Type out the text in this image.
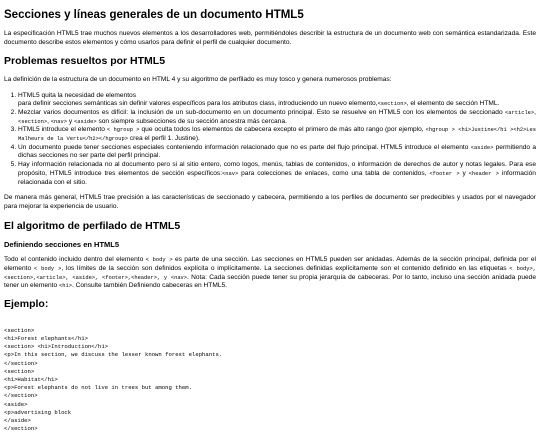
Secciones y líneas generales de un documento HTML5

La especificación HTML5 trae muchos nuevos elementos a los desarrolladores web, permitiéndoles describir la estructura de un documento web con semántica estandarizada. Este documento describe estos elementos y cómo usarlos para definir el perfil de cualquier documento.

Problemas resueltos por HTML5

La definición de la estructura de un documento en HTML 4 y su algoritmo de perfilado es muy tosco y genera numerosos problemas:

1. HTML5 quita la necesidad de elementos
para definir secciones semánticas sin definir valores específicos para los atributos class, introduciendo un nuevo elemento,<section>, el elemento de sección HTML.
2. Mezclar varios documentos es difícil: la inclusión de un sub-documento en un documento principal. Esto se resuelve en HTML5 con los elementos de seccionado <article>, <section>, <nav> y <aside> son siempre subsecciones de su sección ancestra más cercana.
3. HTML5 introduce el elemento < hgroup > que oculta todos los elementos de cabecera excepto el primero de más alto rango (por ejemplo, <hgroup > <h1>Justine</h1 ><h2>Les Malheurs de la Vertu</h2></hgroup> crea el perfil 1. Justine).
4. Un documento puede tener secciones especiales conteniendo información relacionado que no es parte del flujo principal. HTML5 introduce el elemento <aside> permitiendo a dichas secciones no ser parte del perfil principal.
5. Hay información relacionada no al documento pero si al sitio entero, como logos, menús, tablas de contenidos, o información de derechos de autor y notas legales. Para ese propósito, HTML5 introduce tres elementos de sección específicos:<nav> para colecciones de enlaces, como una tabla de contenidos, <footer > y <header > información relacionada con el sitio.

De manera más general, HTML5 trae precisión a las características de seccionado y cabecera, permitiendo a los perfiles de documento ser predecibles y usados por el navegador para mejorar la experiencia de usuario.

El algoritmo de perfilado de HTML5
Definiendo secciones en HTML5

Todo el contenido incluido dentro del elemento < body > es parte de una sección. Las secciones en HTML5 pueden ser anidadas. Además de la sección principal, definida por el elemento < body >, los límites de la sección son definidos explícita o implícitamente. La secciones definidas explícitamente son el contenido definido en las etiquetas < body>,<section>,<article>, <aside>, <footer>,<header>, y <nav>. Nota: Cada sección puede tener su propia jerarquía de cabeceras. Por lo tanto, incluso una sección anidada puede tener un elemento <h1>. Consulte también Definiendo cabeceras en HTML5.

Ejemplo:
<section>
<h1>Forest elephants</h1>
<section> <h1>Introduction</h1>
<p>In this section, we discuss the lesser known forest elephants.
</section>
<section>
<h1>Habitat</h1>
<p>Forest elephants do not live in trees but among them.
</section>
<aside>
<p>advertising block
</aside>
</section>
